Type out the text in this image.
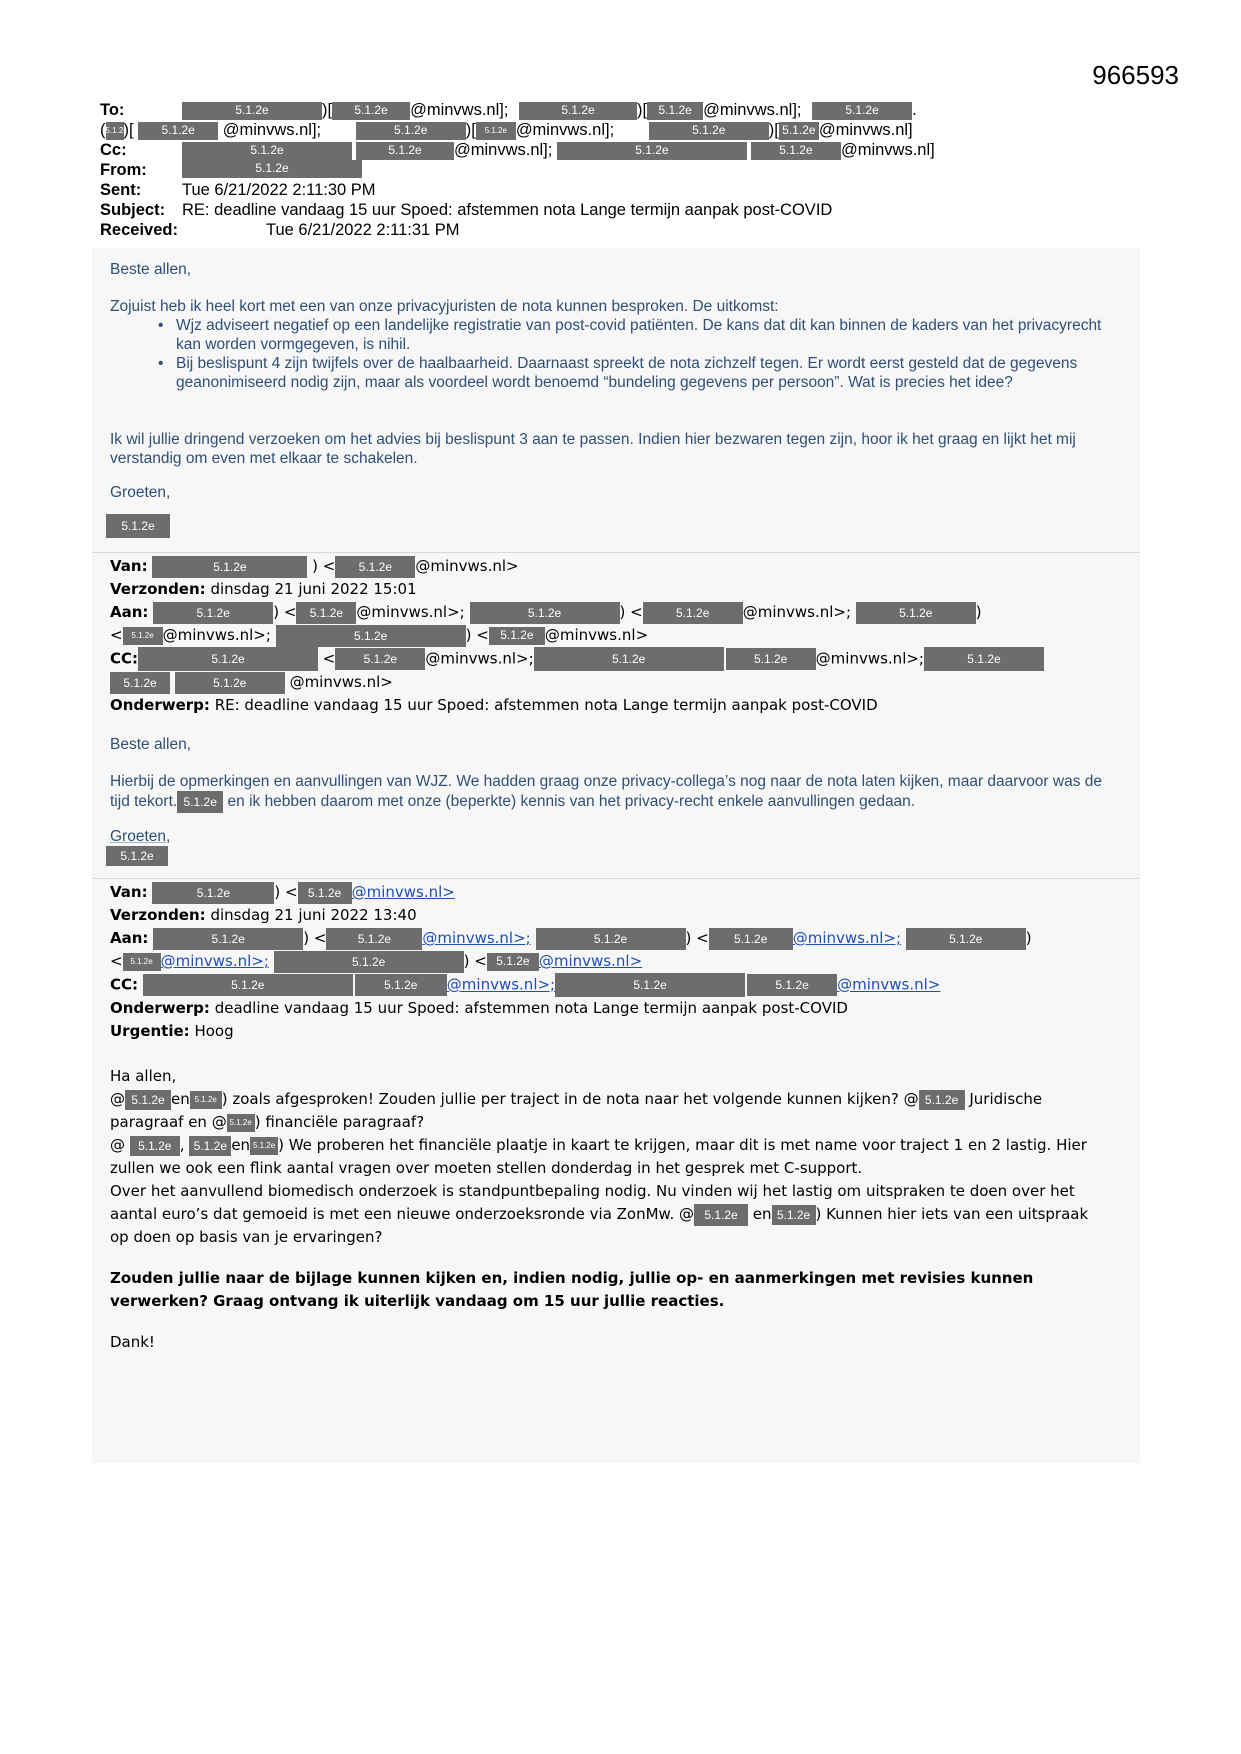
966593
To:	5.1.2e	)[ 5.1.2e @minvws.nl];	5.1.2e	)[ 5.1.2e @minvws.nl];	5.1.2e .
(5.1.2e)[ 5.1.2e @minvws.nl];	5.1.2e )[ 5.1.2e @minvws.nl];	5.1.2e	)[ 5.1.2e @minvws.nl]
Cc:	5.1.2e	5.1.2e @minvws.nl];	5.1.2e	5.1.2e @minvws.nl]
From:	5.1.2e
Sent:	Tue 6/21/2022 2:11:30 PM
Subject:	RE: deadline vandaag 15 uur Spoed: afstemmen nota Lange termijn aanpak post-COVID
Received:	Tue 6/21/2022 2:11:31 PM

Beste allen,

Zojuist heb ik heel kort met een van onze privacyjuristen de nota kunnen besproken. De uitkomst:

• Wjz adviseert negatief op een landelijke registratie van post-covid patiënten. De kans dat dit kan binnen de kaders van het privacyrecht kan worden vormgegeven, is nihil.
• Bij beslispunt 4 zijn twijfels over de haalbaarheid. Daarnaast spreekt de nota zichzelf tegen. Er wordt eerst gesteld dat de gegevens geanonimiseerd nodig zijn, maar als voordeel wordt benoemd “bundeling gegevens per persoon”. Wat is precies het idee?

Ik wil jullie dringend verzoeken om het advies bij beslispunt 3 aan te passen. Indien hier bezwaren tegen zijn, hoor ik het graag en lijkt het mij verstandig om even met elkaar te schakelen.

Groeten,

5.1.2e
Van:	5.1.2e	) < 5.1.2e @minvws.nl>
Verzonden: dinsdag 21 juni 2022 15:01
Aan:	5.1.2e	) < 5.1.2e @minvws.nl>;	5.1.2e	) <	5.1.2e @minvws.nl>;	5.1.2e	)
< 5.1.2e @minvws.nl>;	5.1.2e	) < 5.1.2e @minvws.nl>
CC:	5.1.2e	< 5.1.2e @minvws.nl>;	5.1.2e	5.1.2e @minvws.nl>;	5.1.2e
5.1.2e	5.1.2e	@minvws.nl>
Onderwerp: RE: deadline vandaag 15 uur Spoed: afstemmen nota Lange termijn aanpak post-COVID

Beste allen,

Hierbij de opmerkingen en aanvullingen van WJZ. We hadden graag onze privacy-collega’s nog naar de nota laten kijken, maar daarvoor was de tijd tekort. 5.1.2e en ik hebben daarom met onze (beperkte) kennis van het privacy-recht enkele aanvullingen gedaan.

Groeten,

5.1.2e
Van:	5.1.2e	) < 5.1.2e @minvws.nl>
Verzonden: dinsdag 21 juni 2022 13:40
Aan:	5.1.2e	) <	5.1.2e @minvws.nl>;	5.1.2e	) < 5.1.2e @minvws.nl>;	5.1.2e	)
< 5.1.2e @minvws.nl>;	5.1.2e	) < 5.1.2e @minvws.nl>
CC:	5.1.2e	5.1.2e @minvws.nl>;	5.1.2e	5.1.2e @minvws.nl>
Onderwerp: deadline vandaag 15 uur Spoed: afstemmen nota Lange termijn aanpak post-COVID
Urgentie: Hoog
Ha allen,
@ 5.1.2e en 5.1.2e ) zoals afgesproken! Zouden jullie per traject in de nota naar het volgende kunnen kijken? @ 5.1.2e Juridische paragraaf en @ 5.1.2e ) financiële paragraaf?
@ 5.1.2e , 5.1.2e en 5.1.2e ) We proberen het financiële plaatje in kaart te krijgen, maar dit is met name voor traject 1 en 2 lastig. Hier zullen we ook een flink aantal vragen over moeten stellen donderdag in het gesprek met C-support.
Over het aanvullend biomedisch onderzoek is standpuntbepaling nodig. Nu vinden wij het lastig om uitspraken te doen over het aantal euro’s dat gemoeid is met een nieuwe onderzoeksronde via ZonMw. @ 5.1.2e en 5.1.2e ) Kunnen hier iets van een uitspraak op doen op basis van je ervaringen?
Zouden jullie naar de bijlage kunnen kijken en, indien nodig, jullie op- en aanmerkingen met revisies kunnen verwerken? Graag ontvang ik uiterlijk vandaag om 15 uur jullie reacties.
Dank!
